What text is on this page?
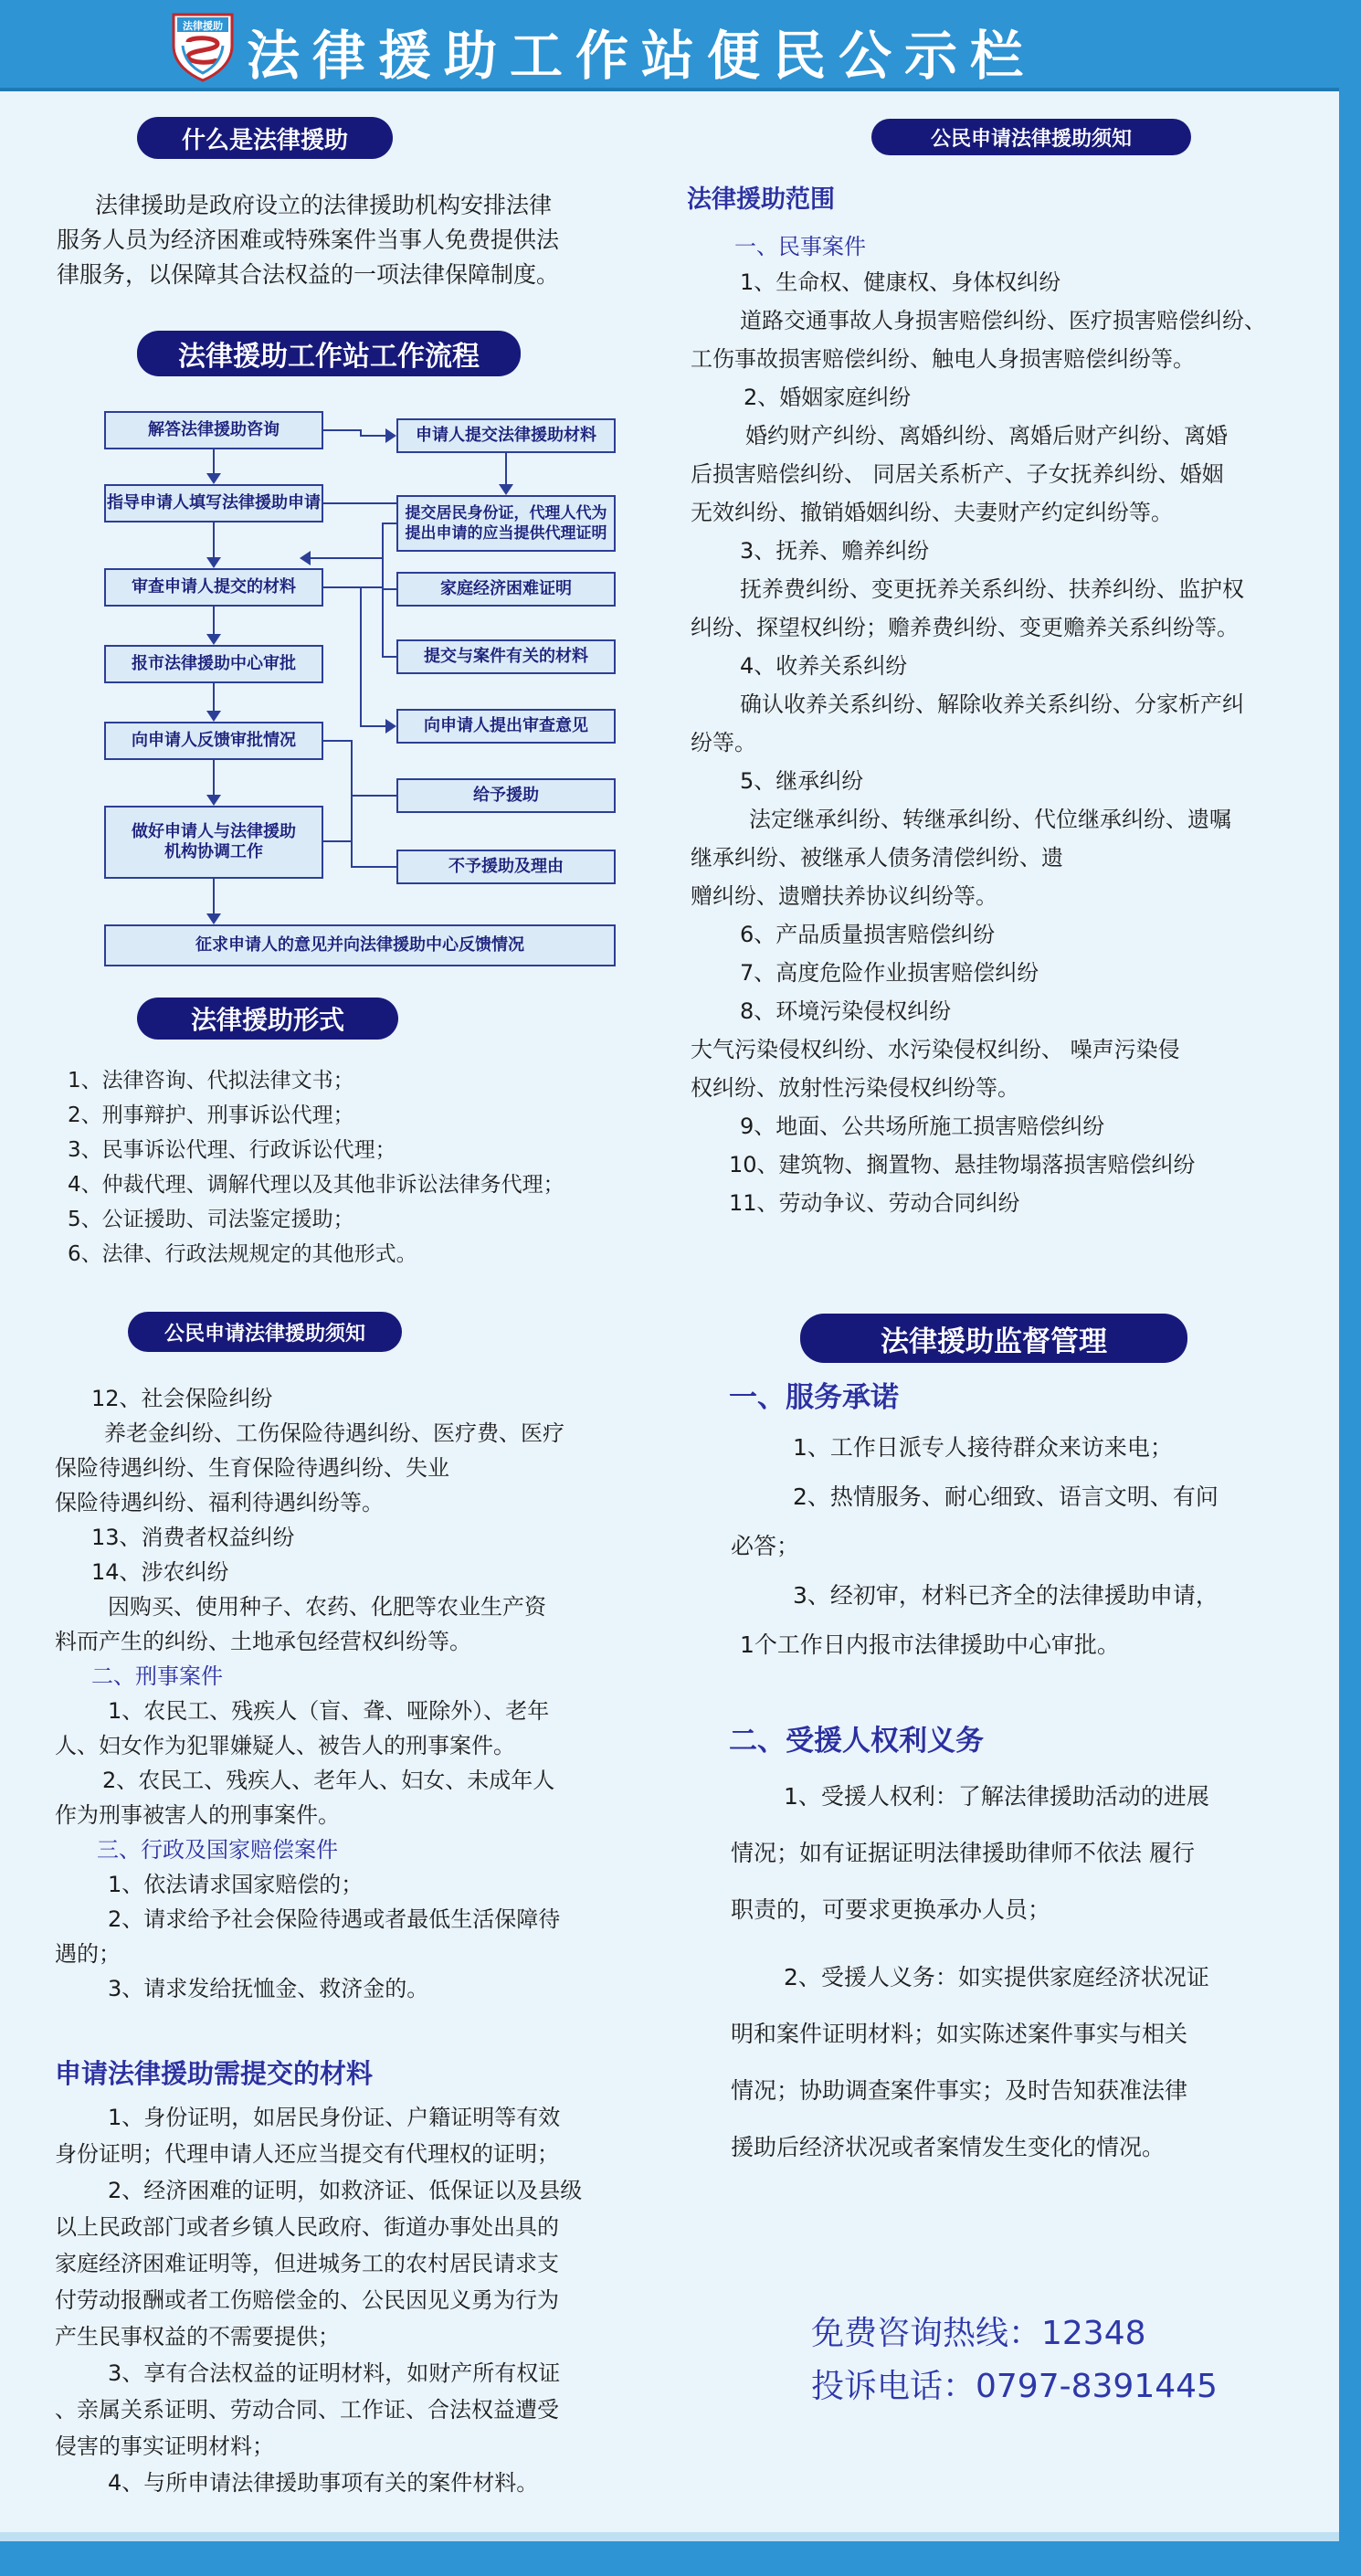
法律援助 法律援助工作站便民公示栏
什么是法律援助
法律援助是政府设立的法律援助机构安排法律
服务人员为经济困难或特殊案件当事人免费提供法
律服务，以保障其合法权益的一项法律保障制度。
法律援助工作站工作流程
解答法律援助咨询
指导申请人填写法律援助申请
审查申请人提交的材料
报市法律援助中心审批
向申请人反馈审批情况
做好申请人与法律援助机构协调工作
征求申请人的意见并向法律援助中心反馈情况
申请人提交法律援助材料
提交居民身份证，代理人代为提出申请的应当提供代理证明
家庭经济困难证明
提交与案件有关的材料
向申请人提出审查意见
给予援助
不予援助及理由
法律援助形式
1、法律咨询、代拟法律文书；
2、刑事辩护、刑事诉讼代理；
3、民事诉讼代理、行政诉讼代理；
4、仲裁代理、调解代理以及其他非诉讼法律务代理；
5、公证援助、司法鉴定援助；
6、法律、行政法规规定的其他形式。
公民申请法律援助须知
法律援助范围
一、民事案件
1、生命权、健康权、身体权纠纷
道路交通事故人身损害赔偿纠纷、医疗损害赔偿纠纷、
工伤事故损害赔偿纠纷、触电人身损害赔偿纠纷等。
2、婚姻家庭纠纷
婚约财产纠纷、离婚纠纷、离婚后财产纠纷、离婚
后损害赔偿纠纷、 同居关系析产、子女抚养纠纷、婚姻
无效纠纷、撤销婚姻纠纷、夫妻财产约定纠纷等。
3、抚养、赡养纠纷
抚养费纠纷、变更抚养关系纠纷、扶养纠纷、监护权
纠纷、探望权纠纷；赡养费纠纷、变更赡养关系纠纷等。
4、收养关系纠纷
确认收养关系纠纷、解除收养关系纠纷、分家析产纠
纷等。
5、继承纠纷
法定继承纠纷、转继承纠纷、代位继承纠纷、遗嘱
继承纠纷、被继承人债务清偿纠纷、遗
赠纠纷、遗赠扶养协议纠纷等。
6、产品质量损害赔偿纠纷
7、高度危险作业损害赔偿纠纷
8、环境污染侵权纠纷
大气污染侵权纠纷、水污染侵权纠纷、 噪声污染侵
权纠纷、放射性污染侵权纠纷等。
9、地面、公共场所施工损害赔偿纠纷
10、建筑物、搁置物、悬挂物塌落损害赔偿纠纷
11、劳动争议、劳动合同纠纷
公民申请法律援助须知
12、社会保险纠纷
养老金纠纷、工伤保险待遇纠纷、医疗费、医疗
保险待遇纠纷、生育保险待遇纠纷、失业
保险待遇纠纷、福利待遇纠纷等。
13、消费者权益纠纷
14、涉农纠纷
因购买、使用种子、农药、化肥等农业生产资
料而产生的纠纷、土地承包经营权纠纷等。
二、刑事案件
1、农民工、残疾人（盲、聋、哑除外）、老年
人、妇女作为犯罪嫌疑人、被告人的刑事案件。
2、农民工、残疾人、老年人、妇女、未成年人
作为刑事被害人的刑事案件。
三、行政及国家赔偿案件
1、依法请求国家赔偿的；
2、请求给予社会保险待遇或者最低生活保障待
遇的；
3、请求发给抚恤金、救济金的。
申请法律援助需提交的材料
1、身份证明，如居民身份证、户籍证明等有效
身份证明；代理申请人还应当提交有代理权的证明；
2、经济困难的证明，如救济证、低保证以及县级
以上民政部门或者乡镇人民政府、街道办事处出具的
家庭经济困难证明等，但进城务工的农村居民请求支
付劳动报酬或者工伤赔偿金的、公民因见义勇为行为
产生民事权益的不需要提供；
3、享有合法权益的证明材料，如财产所有权证
、亲属关系证明、劳动合同、工作证、合法权益遭受
侵害的事实证明材料；
4、与所申请法律援助事项有关的案件材料。
法律援助监督管理
一、服务承诺
1、工作日派专人接待群众来访来电；
2、热情服务、耐心细致、语言文明、有问
必答；
3、经初审，材料已齐全的法律援助申请，
1个工作日内报市法律援助中心审批。
二、受援人权利义务
1、受援人权利：了解法律援助活动的进展
情况；如有证据证明法律援助律师不依法 履行
职责的，可要求更换承办人员；
2、受援人义务：如实提供家庭经济状况证
明和案件证明材料；如实陈述案件事实与相关
情况；协助调查案件事实；及时告知获准法律
援助后经济状况或者案情发生变化的情况。
免费咨询热线：12348
投诉电话：0797-8391445
